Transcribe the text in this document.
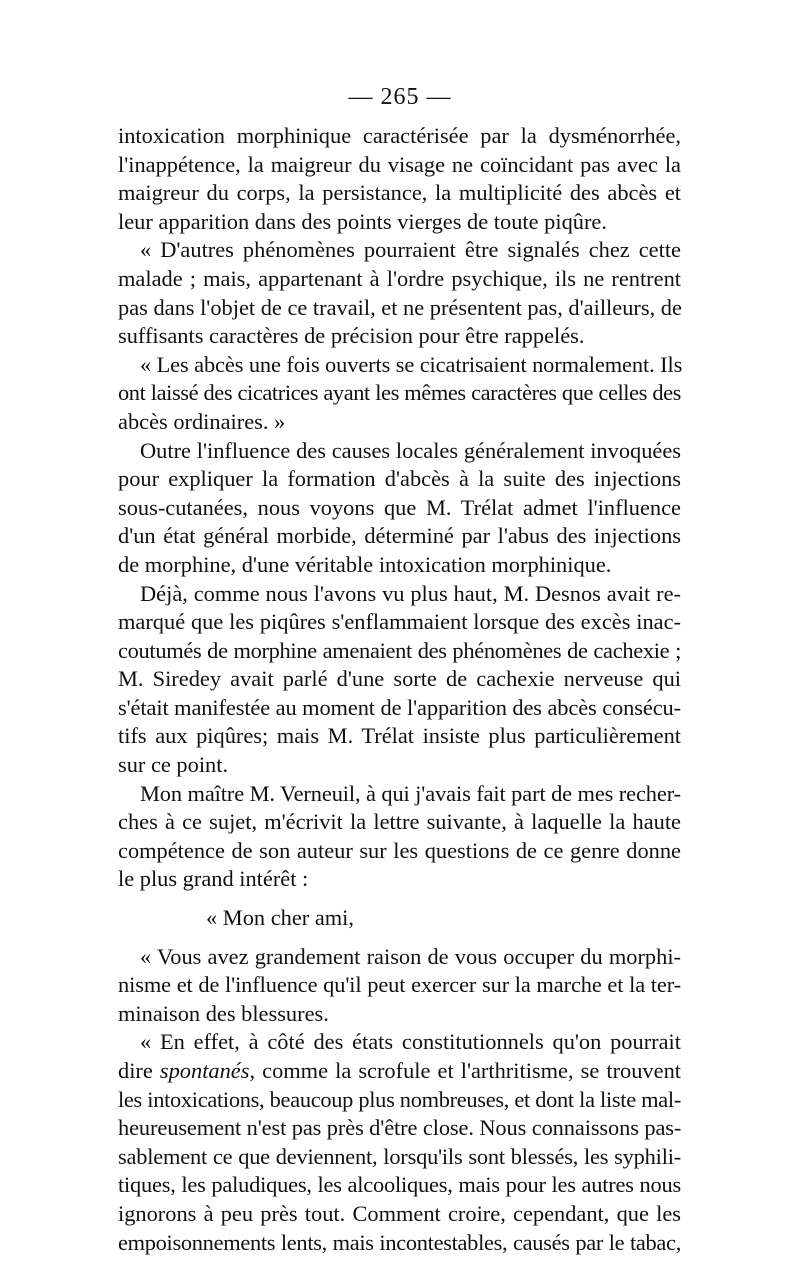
— 265 —
intoxication morphinique caractérisée par la dysménorrhée,
l'inappétence, la maigreur du visage ne coïncidant pas avec la
maigreur du corps, la persistance, la multiplicité des abcès et
leur apparition dans des points vierges de toute piqûre.
« D'autres phénomènes pourraient être signalés chez cette
malade ; mais, appartenant à l'ordre psychique, ils ne rentrent
pas dans l'objet de ce travail, et ne présentent pas, d'ailleurs, de
suffisants caractères de précision pour être rappelés.
« Les abcès une fois ouverts se cicatrisaient normalement. Ils
ont laissé des cicatrices ayant les mêmes caractères que celles des
abcès ordinaires. »
Outre l'influence des causes locales généralement invoquées
pour expliquer la formation d'abcès à la suite des injections
sous-cutanées, nous voyons que M. Trélat admet l'influence
d'un état général morbide, déterminé par l'abus des injections
de morphine, d'une véritable intoxication morphinique.
Déjà, comme nous l'avons vu plus haut, M. Desnos avait re-
marqué que les piqûres s'enflammaient lorsque des excès inac-
coutumés de morphine amenaient des phénomènes de cachexie ;
M. Siredey avait parlé d'une sorte de cachexie nerveuse qui
s'était manifestée au moment de l'apparition des abcès consécu-
tifs aux piqûres; mais M. Trélat insiste plus particulièrement
sur ce point.
Mon maître M. Verneuil, à qui j'avais fait part de mes recher-
ches à ce sujet, m'écrivit la lettre suivante, à laquelle la haute
compétence de son auteur sur les questions de ce genre donne
le plus grand intérêt :
« Mon cher ami,
« Vous avez grandement raison de vous occuper du morphi-
nisme et de l'influence qu'il peut exercer sur la marche et la ter-
minaison des blessures.
« En effet, à côté des états constitutionnels qu'on pourrait
dire spontanés, comme la scrofule et l'arthritisme, se trouvent
les intoxications, beaucoup plus nombreuses, et dont la liste mal-
heureusement n'est pas près d'être close. Nous connaissons pas-
sablement ce que deviennent, lorsqu'ils sont blessés, les syphili-
tiques, les paludiques, les alcooliques, mais pour les autres nous
ignorons à peu près tout. Comment croire, cependant, que les
empoisonnements lents, mais incontestables, causés par le tabac,
